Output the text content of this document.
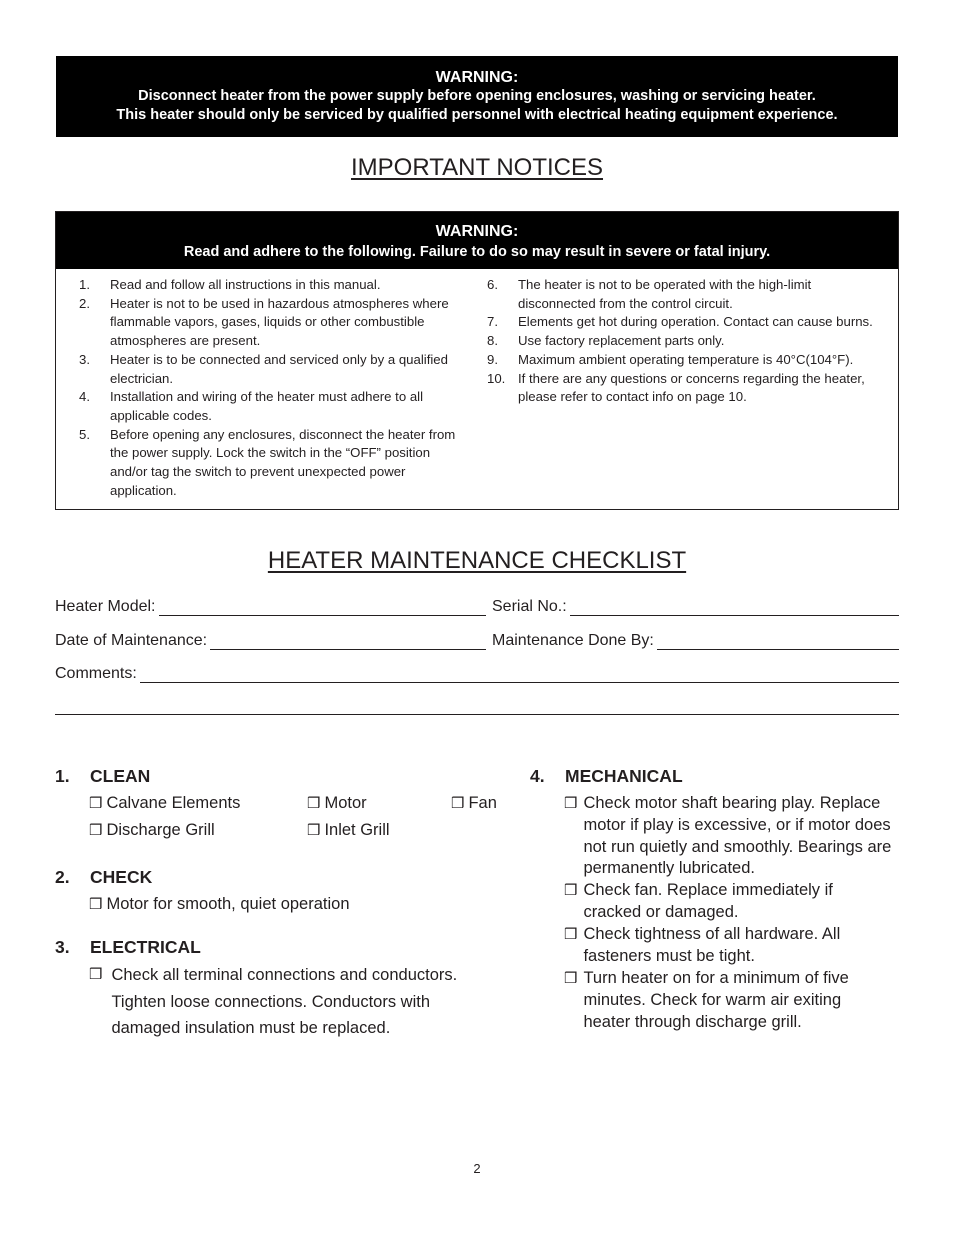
WARNING:
Disconnect heater from the power supply before opening enclosures, washing or servicing heater.
This heater should only be serviced by qualified personnel with electrical heating equipment experience.
IMPORTANT NOTICES
WARNING:
Read and adhere to the following. Failure to do so may result in severe or fatal injury.
1.	Read and follow all instructions in this manual.
2.	Heater is not to be used in hazardous atmospheres where flammable vapors, gases, liquids or other combustible atmospheres are present.
3.	Heater is to be connected and serviced only by a qualified electrician.
4.	Installation and wiring of the heater must adhere to all applicable codes.
5.	Before opening any enclosures, disconnect the heater from the power supply. Lock the switch in the “OFF” position and/or tag the switch to prevent unexpected power application.
6.	The heater is not to be operated with the high-limit disconnected from the control circuit.
7.	Elements get hot during operation. Contact can cause burns.
8.	Use factory replacement parts only.
9.	Maximum ambient operating temperature is 40°C(104°F).
10. If there are any questions or concerns regarding the heater, please refer to contact info on page 10.
HEATER MAINTENANCE CHECKLIST
Heater Model:	Serial No.:
Date of Maintenance:	Maintenance Done By:
Comments:
1.	CLEAN
❒ Calvane Elements	❒ Motor	❒ Fan
❒ Discharge Grill	❒ Inlet Grill
2.	CHECK
❒ Motor for smooth, quiet operation
3.	ELECTRICAL
❒ Check all terminal connections and conductors. Tighten loose connections. Conductors with damaged insulation must be replaced.
4.	MECHANICAL
❒ Check motor shaft bearing play. Replace motor if play is excessive, or if motor does not run quietly and smoothly. Bearings are permanently lubricated.
❒ Check fan. Replace immediately if cracked or damaged.
❒ Check tightness of all hardware. All fasteners must be tight.
❒ Turn heater on for a minimum of five minutes. Check for warm air exiting heater through discharge grill.
2
